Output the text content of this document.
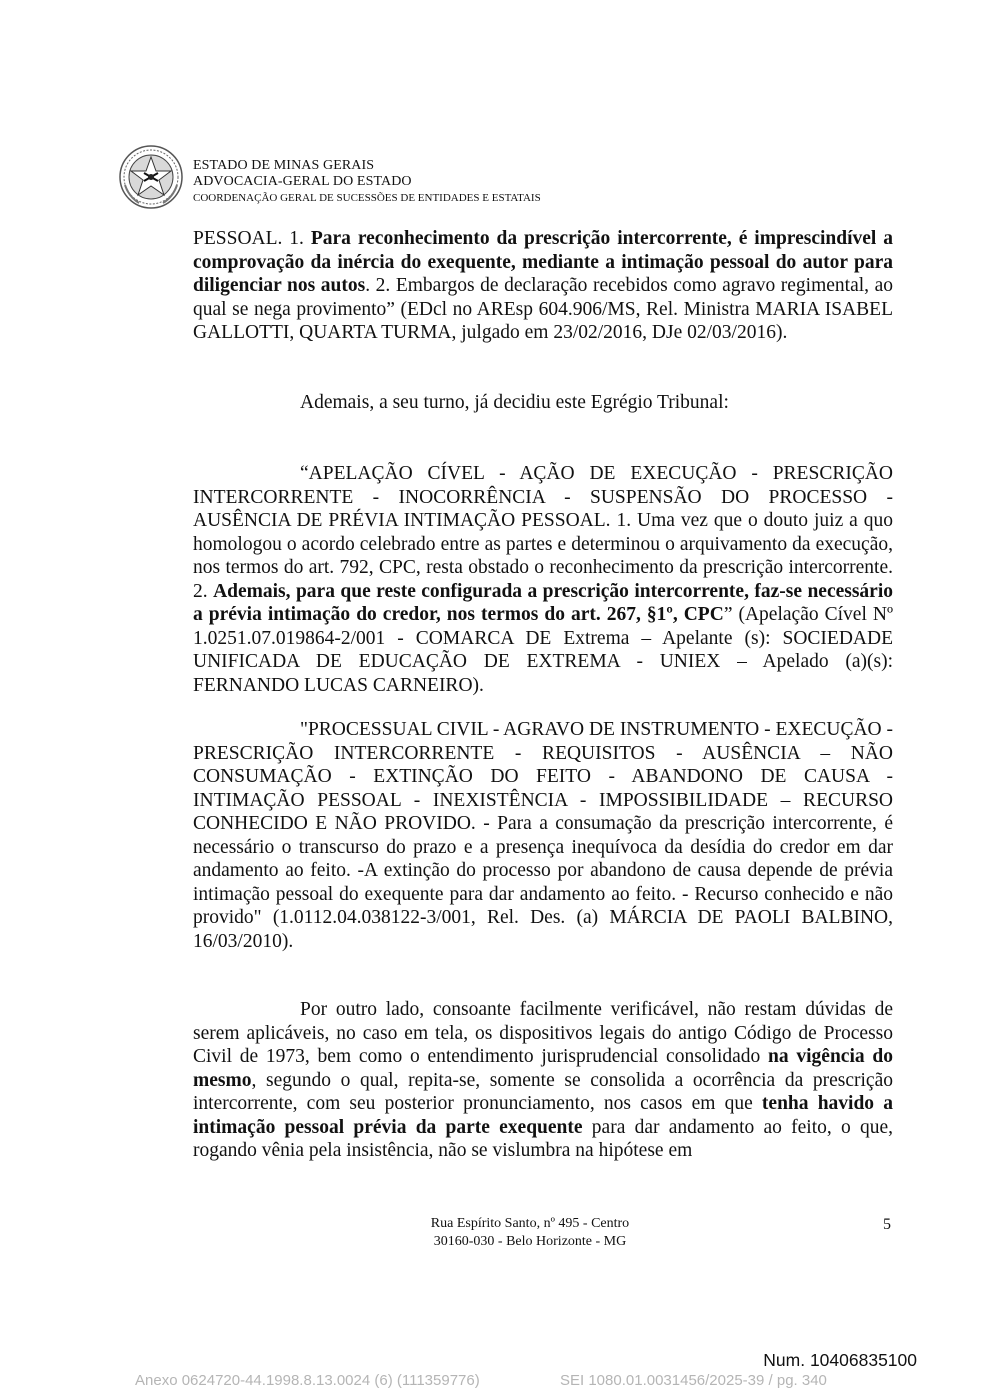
ESTADO DE MINAS GERAIS
ADVOCACIA-GERAL DO ESTADO
COORDENAÇÃO GERAL DE SUCESSÕES DE ENTIDADES E ESTATAIS

PESSOAL. 1. Para reconhecimento da prescrição intercorrente, é imprescindível a comprovação da inércia do exequente, mediante a intimação pessoal do autor para diligenciar nos autos. 2. Embargos de declaração recebidos como agravo regimental, ao qual se nega provimento” (EDcl no AREsp 604.906/MS, Rel. Ministra MARIA ISABEL GALLOTTI, QUARTA TURMA, julgado em 23/02/2016, DJe 02/03/2016).

Ademais, a seu turno, já decidiu este Egrégio Tribunal:

“APELAÇÃO CÍVEL - AÇÃO DE EXECUÇÃO - PRESCRIÇÃO INTERCORRENTE - INOCORRÊNCIA - SUSPENSÃO DO PROCESSO - AUSÊNCIA DE PRÉVIA INTIMAÇÃO PESSOAL. 1. Uma vez que o douto juiz a quo homologou o acordo celebrado entre as partes e determinou o arquivamento da execução, nos termos do art. 792, CPC, resta obstado o reconhecimento da prescrição intercorrente. 2. Ademais, para que reste configurada a prescrição intercorrente, faz-se necessário a prévia intimação do credor, nos termos do art. 267, §1º, CPC” (Apelação Cível Nº 1.0251.07.019864-2/001 - COMARCA DE Extrema – Apelante (s): SOCIEDADE UNIFICADA DE EDUCAÇÃO DE EXTREMA - UNIEX – Apelado (a)(s): FERNANDO LUCAS CARNEIRO).

"PROCESSUAL CIVIL - AGRAVO DE INSTRUMENTO - EXECUÇÃO - PRESCRIÇÃO INTERCORRENTE - REQUISITOS - AUSÊNCIA – NÃO CONSUMAÇÃO - EXTINÇÃO DO FEITO - ABANDONO DE CAUSA - INTIMAÇÃO PESSOAL - INEXISTÊNCIA - IMPOSSIBILIDADE – RECURSO CONHECIDO E NÃO PROVIDO. - Para a consumação da prescrição intercorrente, é necessário o transcurso do prazo e a presença inequívoca da desídia do credor em dar andamento ao feito. -A extinção do processo por abandono de causa depende de prévia intimação pessoal do exequente para dar andamento ao feito. - Recurso conhecido e não provido" (1.0112.04.038122-3/001, Rel. Des. (a) MÁRCIA DE PAOLI BALBINO, 16/03/2010).

Por outro lado, consoante facilmente verificável, não restam dúvidas de serem aplicáveis, no caso em tela, os dispositivos legais do antigo Código de Processo Civil de 1973, bem como o entendimento jurisprudencial consolidado na vigência do mesmo, segundo o qual, repita-se, somente se consolida a ocorrência da prescrição intercorrente, com seu posterior pronunciamento, nos casos em que tenha havido a intimação pessoal prévia da parte exequente para dar andamento ao feito, o que, rogando vênia pela insistência, não se vislumbra na hipótese em

Rua Espírito Santo, nº 495 - Centro
30160-030 - Belo Horizonte - MG
5
Num. 10406835100
Anexo 0624720-44.1998.8.13.0024 (6) (111359776)	SEI 1080.01.0031456/2025-39 / pg. 340
